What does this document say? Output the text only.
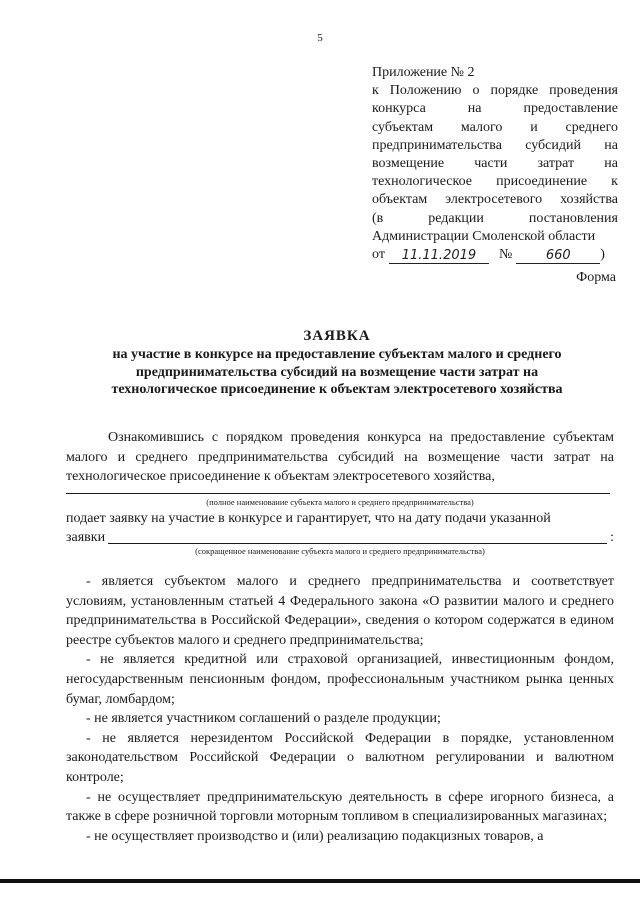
5
Приложение № 2
к Положению о порядке проведения
конкурса на предоставление
субъектам малого и среднего
предпринимательства субсидий на
возмещение части затрат на
технологическое присоединение к
объектам электросетевого хозяйства
(в редакции постановления
Администрации Смоленской области
от	11.11.2019	№	660	)
Форма
ЗАЯВКА
на участие в конкурсе на предоставление субъектам малого и среднего
предпринимательства субсидий на возмещение части затрат на
технологическое присоединение к объектам электросетевого хозяйства
Ознакомившись с порядком проведения конкурса на предоставление субъектам малого и среднего предпринимательства субсидий на возмещение части затрат на технологическое присоединение к объектам электросетевого хозяйства,
(полное наименование субъекта малого и среднего предпринимательства)
подает заявку на участие в конкурсе и гарантирует, что на дату подачи указанной
заявки	:
(сокращенное наименование субъекта малого и среднего предпринимательства)
- является субъектом малого и среднего предпринимательства и соответствует условиям, установленным статьей 4 Федерального закона «О развитии малого и среднего предпринимательства в Российской Федерации», сведения о котором содержатся в едином реестре субъектов малого и среднего предпринимательства;
- не является кредитной или страховой организацией, инвестиционным фондом, негосударственным пенсионным фондом, профессиональным участником рынка ценных бумаг, ломбардом;
- не является участником соглашений о разделе продукции;
- не является нерезидентом Российской Федерации в порядке, установленном законодательством Российской Федерации о валютном регулировании и валютном контроле;
- не осуществляет предпринимательскую деятельность в сфере игорного бизнеса, а также в сфере розничной торговли моторным топливом в специализированных магазинах;
- не осуществляет производство и (или) реализацию подакцизных товаров, а
